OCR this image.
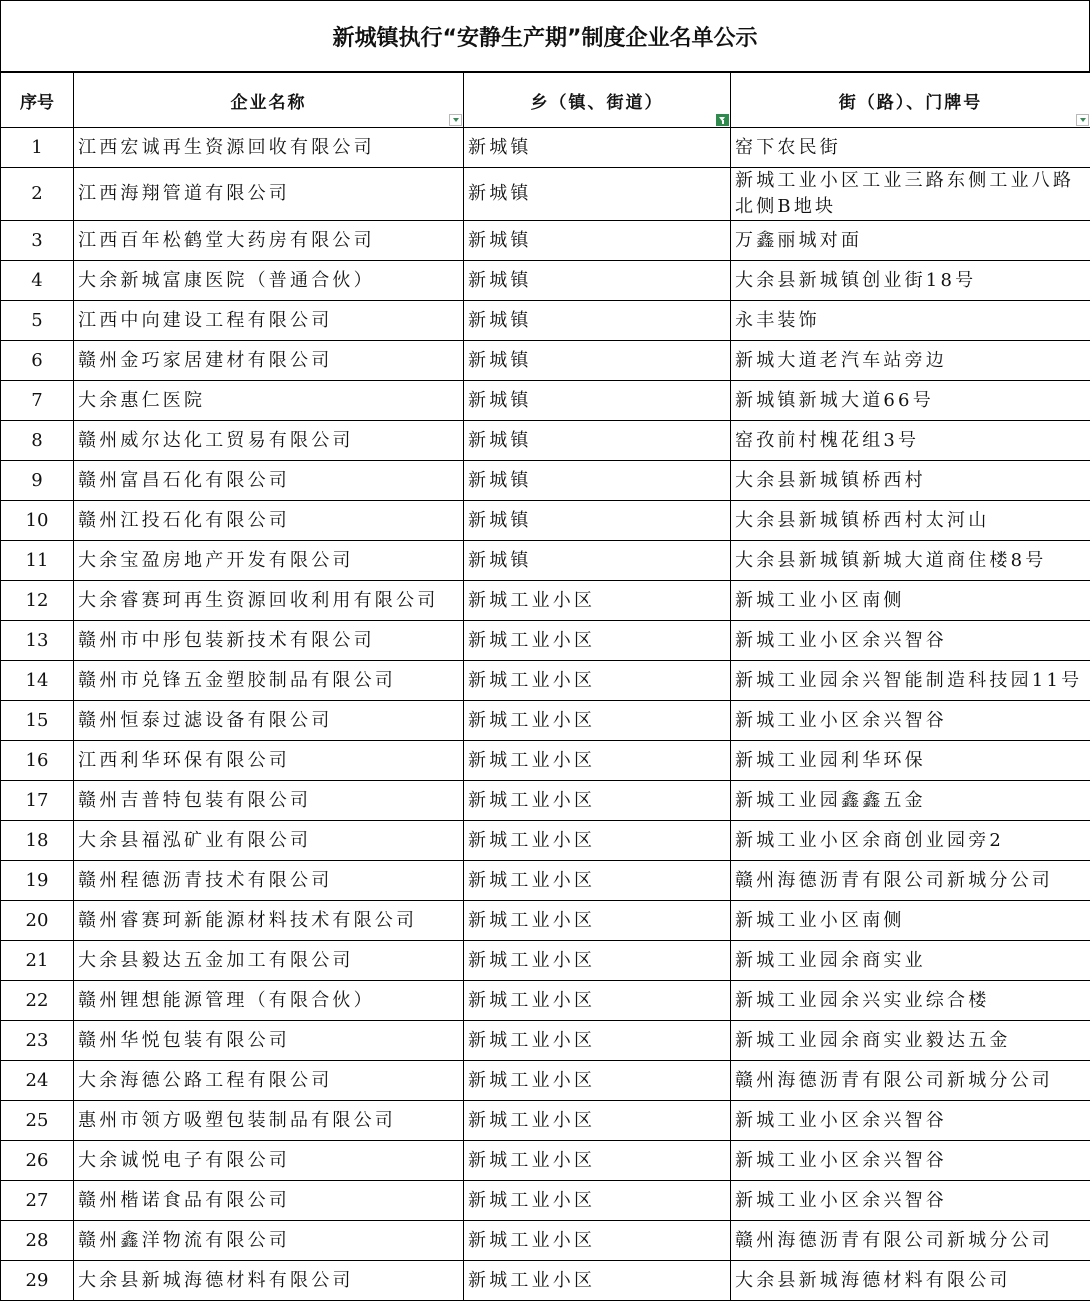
新城镇执行“安静生产期”制度企业名单公示
序号	企业名称	乡（镇、街道）	街（路）、门牌号

1	江西宏诚再生资源回收有限公司	新城镇	窑下农民街
2	江西海翔管道有限公司	新城镇	新城工业小区工业三路东侧工业八路北侧B地块
3	江西百年松鹤堂大药房有限公司	新城镇	万鑫丽城对面
4	大余新城富康医院（普通合伙）	新城镇	大余县新城镇创业街18号
5	江西中向建设工程有限公司	新城镇	永丰装饰
6	赣州金巧家居建材有限公司	新城镇	新城大道老汽车站旁边
7	大余惠仁医院	新城镇	新城镇新城大道66号
8	赣州威尔达化工贸易有限公司	新城镇	窑孜前村槐花组3号
9	赣州富昌石化有限公司	新城镇	大余县新城镇桥西村
10	赣州江投石化有限公司	新城镇	大余县新城镇桥西村太河山
11	大余宝盈房地产开发有限公司	新城镇	大余县新城镇新城大道商住楼8号
12	大余睿赛珂再生资源回收利用有限公司	新城工业小区	新城工业小区南侧
13	赣州市中彤包装新技术有限公司	新城工业小区	新城工业小区余兴智谷
14	赣州市兑锋五金塑胶制品有限公司	新城工业小区	新城工业园余兴智能制造科技园11号
15	赣州恒泰过滤设备有限公司	新城工业小区	新城工业小区余兴智谷
16	江西利华环保有限公司	新城工业小区	新城工业园利华环保
17	赣州吉普特包装有限公司	新城工业小区	新城工业园鑫鑫五金
18	大余县福泓矿业有限公司	新城工业小区	新城工业小区余商创业园旁2
19	赣州程德沥青技术有限公司	新城工业小区	赣州海德沥青有限公司新城分公司
20	赣州睿赛珂新能源材料技术有限公司	新城工业小区	新城工业小区南侧
21	大余县毅达五金加工有限公司	新城工业小区	新城工业园余商实业
22	赣州锂想能源管理（有限合伙）	新城工业小区	新城工业园余兴实业综合楼
23	赣州华悦包装有限公司	新城工业小区	新城工业园余商实业毅达五金
24	大余海德公路工程有限公司	新城工业小区	赣州海德沥青有限公司新城分公司
25	惠州市领方吸塑包装制品有限公司	新城工业小区	新城工业小区余兴智谷
26	大余诚悦电子有限公司	新城工业小区	新城工业小区余兴智谷
27	赣州楷诺食品有限公司	新城工业小区	新城工业小区余兴智谷
28	赣州鑫洋物流有限公司	新城工业小区	赣州海德沥青有限公司新城分公司
29	大余县新城海德材料有限公司	新城工业小区	大余县新城海德材料有限公司
